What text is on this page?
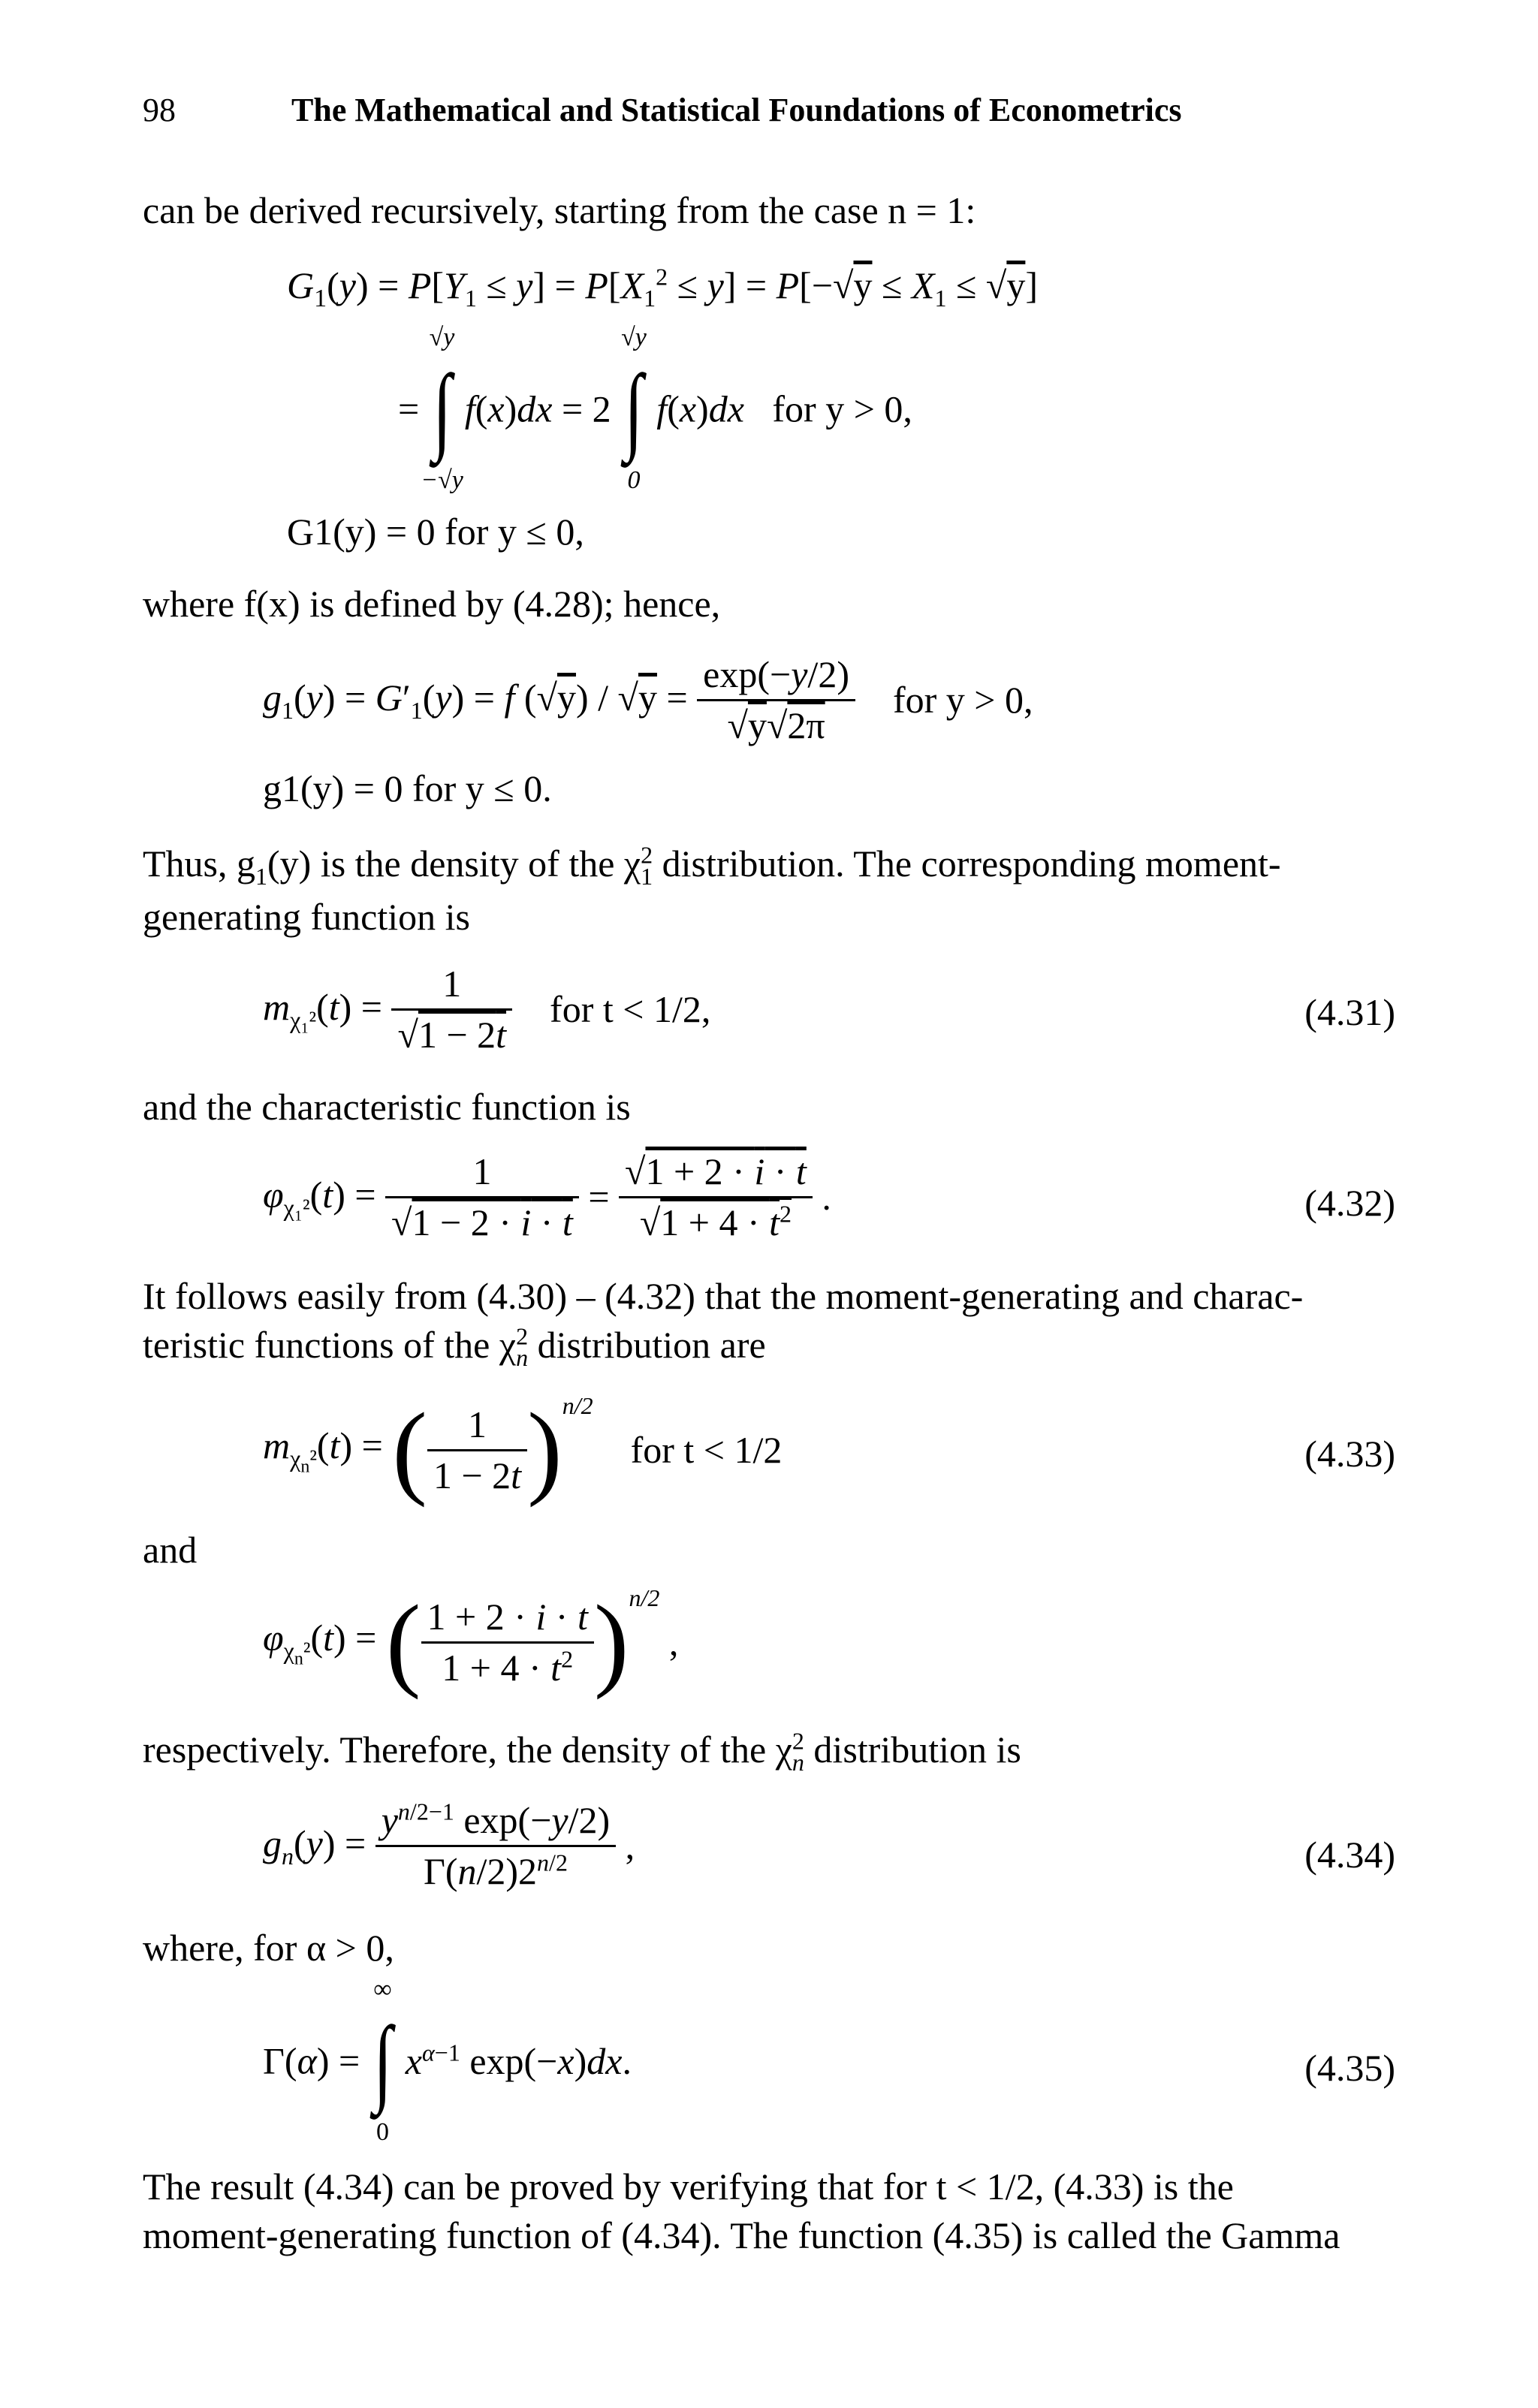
98	The Mathematical and Statistical Foundations of Econometrics
can be derived recursively, starting from the case n = 1:
$G_1(y) = P[Y_1 \le y] = P[X_1^2 \le y] = P[-√y \le X_1 \le √y]$
=
√y
∫
−√y
f(x)dx = 2
√y
∫
0
f(x)dx for y > 0,
G1(y) = 0 for y ≤ 0,
where f(x) is defined by (4.28); hence,
$g_1(y) = G'_1(y) = f$ $(√y) / √y = \frac{\exp(-y/2)}{√y√2\pi}$ for y > 0,
g1(y) = 0 for y ≤ 0.
Thus, $g_1(y)$ is the density of the $\chi^2_1$ distribution. The corresponding moment-
generating function is
$m_{\chi_1^2}(t) = \frac{1}{√1 - 2t}$ for t < 1/2,	(4.31)
and the characteristic function is
$\varphi_{\chi_1^2}(t) = \frac{1}{√1 - 2 \cdot i \cdot t} = \frac{√1 + 2 \cdot i \cdot t}{√1 + 4 \cdot t^2}$ .	(4.32)
It follows easily from (4.30) – (4.32) that the moment-generating and charac-
teristic functions of the $\chi^2_n$ distribution are
$m_{\chi_n^2}(t)$ = ( $\frac{1}{1 - 2t} )^{n/2}$    for t < 1/2	(4.33)
and
$\varphi_{\chi_n^2}(t)$ = ( $\frac{1 + 2 \cdot i \cdot t}{1 + 4 \cdot t^2} )^{n/2}$ ,
respectively. Therefore, the density of the $\chi^2_n$ distribution is
$g_n(y) = \frac{y^{n/2-1} \exp(-y/2)}{\Gamma(n/2)2^{n/2}}$ ,	(4.34)
where, for α > 0,
Γ(α) =
∞
∫
0
$x^{\alpha-1}$ exp(−x)dx.	(4.35)
The result (4.34) can be proved by verifying that for t < 1/2, (4.33) is the
moment-generating function of (4.34). The function (4.35) is called the Gamma
